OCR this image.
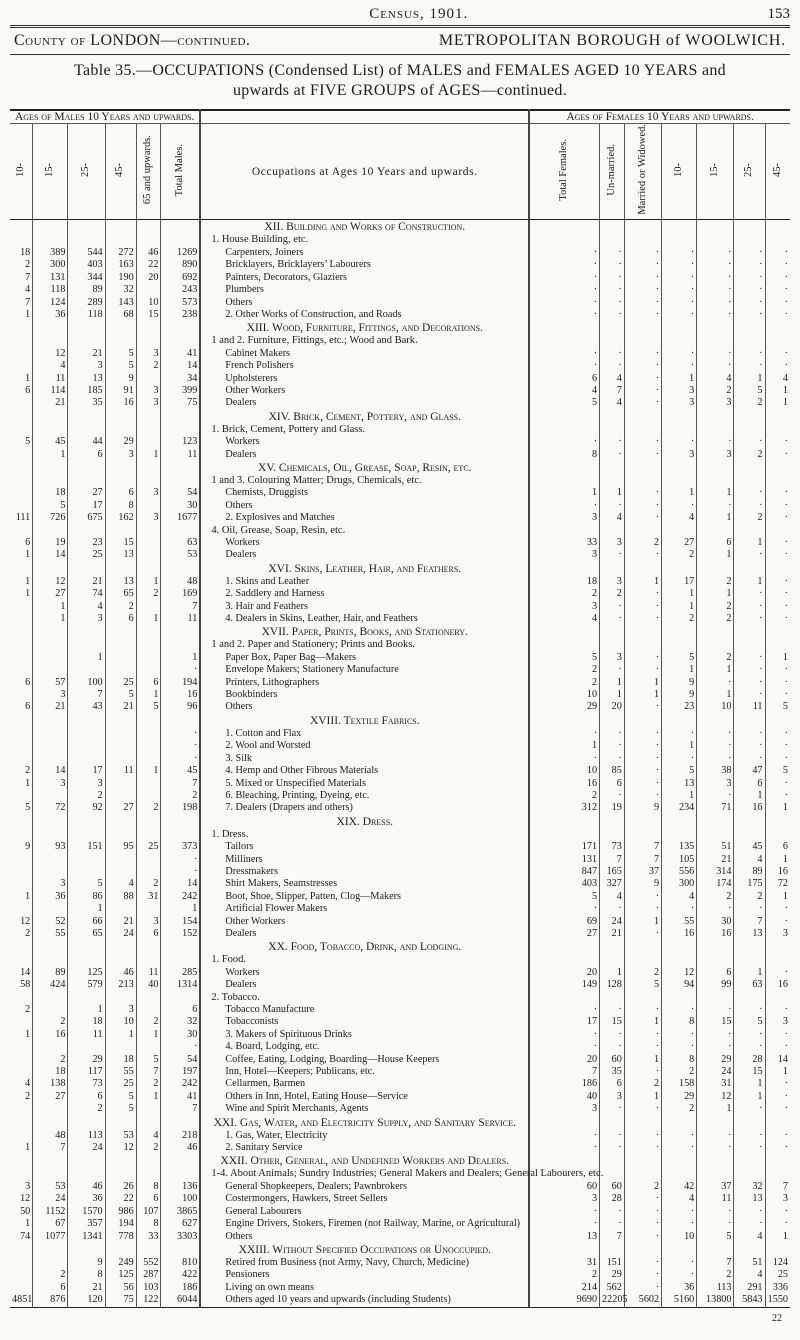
Census, 1901.	153
County of LONDON—continued.	METROPOLITAN BOROUGH of WOOLWICH.
Table 35.—OCCUPATIONS (Condensed List) of MALES and FEMALES AGED 10 YEARS and
upwards at FIVE GROUPS of AGES—continued.
Ages of Males 10 Years and upwards.							Ages of Females 10 Years and upwards.						
10-	15-	25-	45-	65 and upwards.	Total Males.	Occupations at Ages 10 Years and upwards.	Total Females.	Un-married.	Married or Widowed.	10-	15-	25-	45-
						XII. Building and Works of Construction.							
						1. House Building, etc.							
18	389	544	272	46	1269	Carpenters, Joiners	·	·	·	·	·	·	·
2	300	403	163	22	890	Bricklayers, Bricklayers’ Labourers	·	·	·	·	·	·	·
7	131	344	190	20	692	Painters, Decorators, Glaziers	·	·	·	·	·	·	·
4	118	89	32		243	Plumbers	·	·	·	·	·	·	·
7	124	289	143	10	573	Others	·	·	·	·	·	·	·
1	36	118	68	15	238	2. Other Works of Construction, and Roads	·	·	·	·	·	·	·
						XIII. Wood, Furniture, Fittings, and Decorations.							
						1 and 2. Furniture, Fittings, etc.; Wood and Bark.							
	12	21	5	3	41	Cabinet Makers	·	·	·	·	·	·	·
	4	3	5	2	14	French Polishers	·	·	·	·	·	·	·
1	11	13	9		34	Upholsterers	6	4	·	1	4	1	4
6	114	185	91	3	399	Other Workers	4	7	·	3	2	5	1
	21	35	16	3	75	Dealers	5	4	·	3	3	2	1
						XIV. Brick, Cement, Pottery, and Glass.							
						1. Brick, Cement, Pottery and Glass.							
5	45	44	29		123	Workers	·	·	·	·	·	·	·
	1	6	3	1	11	Dealers	8	·	·	3	3	2	·
						XV. Chemicals, Oil, Grease, Soap, Resin, etc.							
						1 and 3. Colouring Matter; Drugs, Chemicals, etc.							
	18	27	6	3	54	Chemists, Druggists	1	1	·	1	1	·	·
	5	17	8		30	Others	·	·	·	·	·	·	·
111	726	675	162	3	1677	2. Explosives and Matches	3	4	·	4	1	2	·
						4. Oil, Grease, Soap, Resin, etc.							
6	19	23	15		63	Workers	33	3	2	27	6	1	·
1	14	25	13		53	Dealers	3	·	·	2	1	·	·
						XVI. Skins, Leather, Hair, and Feathers.							
1	12	21	13	1	48	1. Skins and Leather	18	3	1	17	2	1	·
1	27	74	65	2	169	2. Saddlery and Harness	2	2	·	1	1	·	·
	1	4	2		7	3. Hair and Feathers	3	·	·	1	2	·	·
	1	3	6	1	11	4. Dealers in Skins, Leather, Hair, and Feathers	4	·	·	2	2	·	·
						XVII. Paper, Prints, Books, and Stationery.							
						1 and 2. Paper and Stationery; Prints and Books.							
		1			1	Paper Box, Paper Bag—Makers	5	3	·	5	2	·	1
					·	Envelope Makers; Stationery Manufacture	2	·	·	1	1	·	·
6	57	100	25	6	194	Printers, Lithographers	2	1	1	9	·	·	·
	3	7	5	1	16	Bookbinders	10	1	1	9	1	·	·
6	21	43	21	5	96	Others	29	20	·	23	10	11	5
						XVIII. Textile Fabrics.							
					·	1. Cotton and Flax	·	·	·	·	·	·	·
					·	2. Wool and Worsted	1	·	·	1	·	·	·
					·	3. Silk	·	·	·	·	·	·	·
2	14	17	11	1	45	4. Hemp and Other Fibrous Materials	10	85	·	5	38	47	5
1	3	3			7	5. Mixed or Unspecified Materials	16	6	·	13	3	6	·
		2			2	6. Bleaching, Printing, Dyeing, etc.	2	·	·	1	·	1	·
5	72	92	27	2	198	7. Dealers (Drapers and others)	312	19	9	234	71	16	1
						XIX. Dress.							
						1. Dress.							
9	93	151	95	25	373	Tailors	171	73	7	135	51	45	6
					·	Milliners	131	7	7	105	21	4	1
					·	Dressmakers	847	165	37	556	314	89	16
	3	5	4	2	14	Shirt Makers, Seamstresses	403	327	9	300	174	175	72
1	36	86	88	31	242	Boot, Shoe, Slipper, Patten, Clog—Makers	5	4	·	4	2	2	1
		1			1	Artificial Flower Makers	·	·	·	·	·	·	·
12	52	66	21	3	154	Other Workers	69	24	1	55	30	7	·
2	55	65	24	6	152	Dealers	27	21	·	16	16	13	3
						XX. Food, Tobacco, Drink, and Lodging.							
						1. Food.							
14	89	125	46	11	285	Workers	20	1	2	12	6	1	·
58	424	579	213	40	1314	Dealers	149	128	5	94	99	63	16
						2. Tobacco.							
2		1	3		6	Tobacco Manufacture	·	·	·	·	·	·	·
	2	18	10	2	32	Tobacconists	17	15	1	8	15	5	3
1	16	11	1	1	30	3. Makers of Spirituous Drinks	·	·	·	·	·	·	·
					·	4. Board, Lodging, etc.	·	·	·	·	·	·	·
	2	29	18	5	54	Coffee, Eating, Lodging, Boarding—House Keepers	20	60	1	8	29	28	14
	18	117	55	7	197	Inn, Hotel—Keepers; Publicans, etc.	7	35	·	2	24	15	1
4	138	73	25	2	242	Cellarmen, Barmen	186	6	2	158	31	1	·
2	27	6	5	1	41	Others in Inn, Hotel, Eating House—Service	40	3	1	29	12	1	·
		2	5		7	Wine and Spirit Merchants, Agents	3	·	·	2	1	·	·
						XXI. Gas, Water, and Electricity Supply, and Sanitary Service.							
	48	113	53	4	218	1. Gas, Water, Electricity	·	·	·	·	·	·	·
1	7	24	12	2	46	2. Sanitary Service	·	·	·	·	·	·	·
						XXII. Other, General, and Undefined Workers and Dealers.							
						1-4. About Animals; Sundry Industries; General Makers and Dealers; General Labourers, etc.							
3	53	46	26	8	136	General Shopkeepers, Dealers; Pawnbrokers	60	60	2	42	37	32	7
12	24	36	22	6	100	Costermongers, Hawkers, Street Sellers	3	28	·	4	11	13	3
50	1152	1570	986	107	3865	General Labourers	·	·	·	·	·	·	·
1	67	357	194	8	627	Engine Drivers, Stokers, Firemen (not Railway, Marine, or Agricultural)	·	·	·	·	·	·	·
74	1077	1341	778	33	3303	Others	13	7	·	10	5	4	1
						XXIII. Without Specified Occupations or Unoccupied.							
		9	249	552	810	Retired from Business (not Army, Navy, Church, Medicine)	31	151	·	·	7	51	124
	2	8	125	287	422	Pensioners	2	29	·	·	2	4	25
	6	21	56	103	186	Living on own means	214	562	·	36	113	291	336
4851	876	120	75	122	6044	Others aged 10 years and upwards (including Students)	9690	22205	5602	5160	13800	5843	1550
22
